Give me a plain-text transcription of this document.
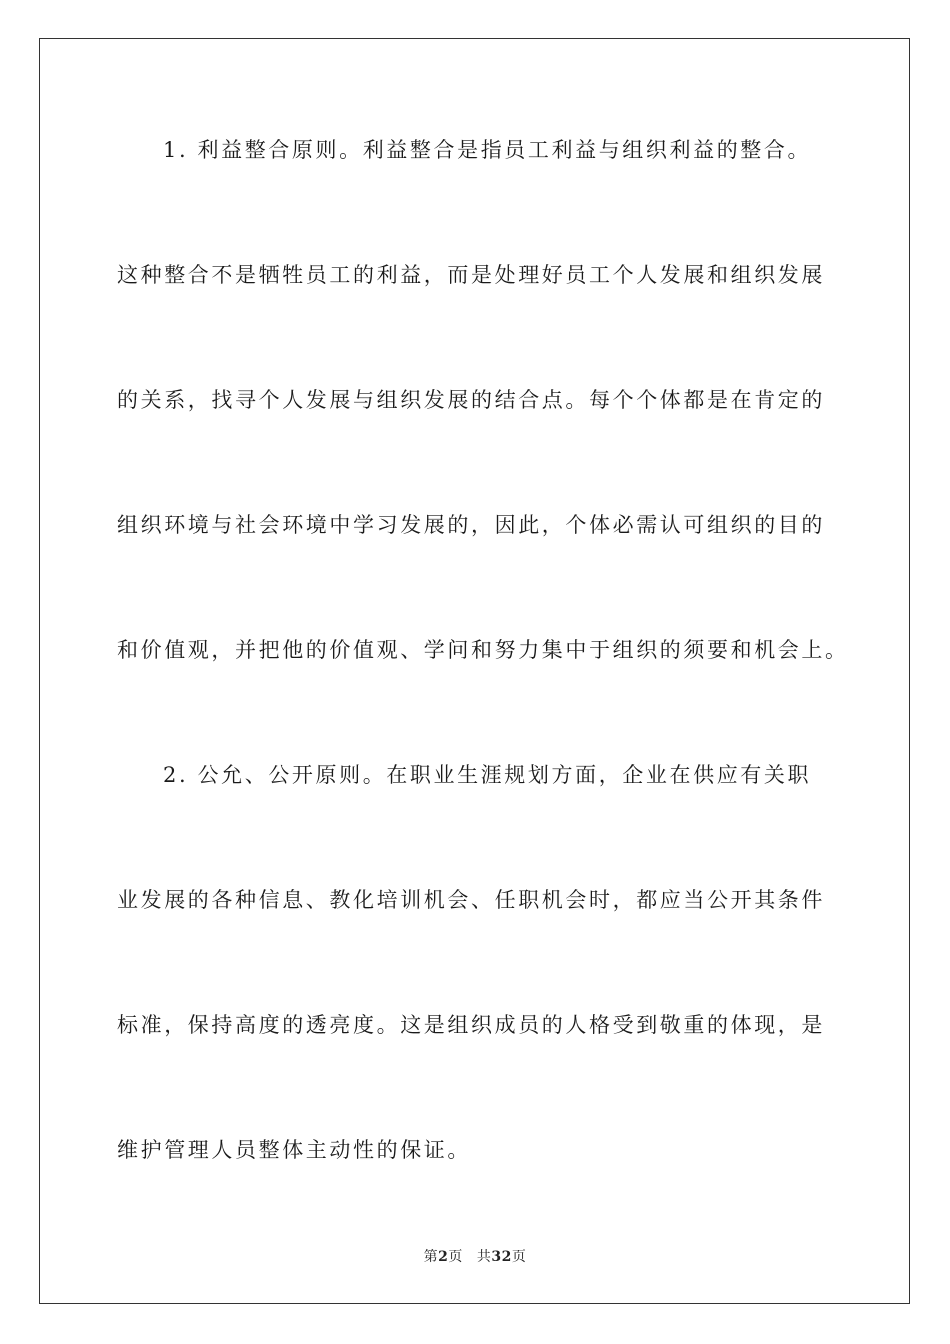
1. 利益整合原则。利益整合是指员工利益与组织利益的整合。
这种整合不是牺牲员工的利益，而是处理好员工个人发展和组织发展
的关系，找寻个人发展与组织发展的结合点。每个个体都是在肯定的
组织环境与社会环境中学习发展的，因此，个体必需认可组织的目的
和价值观，并把他的价值观、学问和努力集中于组织的须要和机会上。
2. 公允、公开原则。在职业生涯规划方面，企业在供应有关职
业发展的各种信息、教化培训机会、任职机会时，都应当公开其条件
标准，保持高度的透亮度。这是组织成员的人格受到敬重的体现，是
维护管理人员整体主动性的保证。
第2页 共32页
